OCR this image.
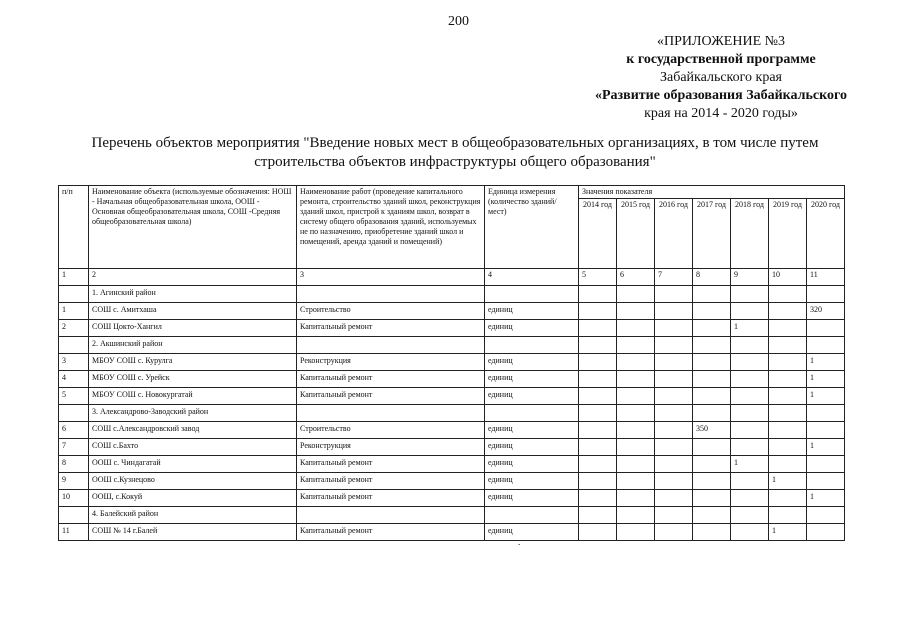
200
«ПРИЛОЖЕНИЕ №3
к государственной программе
Забайкальского края
«Развитие образования Забайкальского
края на 2014 - 2020 годы»
Перечень объектов мероприятия "Введение новых мест в общеобразовательных организациях, в том числе путем
строительства объектов инфраструктуры общего образования"
п/п	Наименование объекта (используемые обозначения: НОШ - Начальная общеобразовательная школа, ООШ - Основная общеобразовательная школа, СОШ -Средняя общеобразовательная школа)	Наименование работ (проведение капитального ремонта, строительство зданий школ, реконструкция зданий школ, пристрой к зданиям школ, возврат в систему общего образования зданий, используемых не по назначению, приобретение зданий школ и помещений, аренда зданий и помещений)	Единица измерения (количество зданий/мест)	Значения показателя						
				2014 год	2015 год	2016 год	2017 год	2018 год	2019 год	2020 год
1	2	3	4	5	6	7	8	9	10	11
	1. Агинский район									
1	СОШ с. Амитхаша	Строительство	единиц							320
2	СОШ Цокто-Хангил	Капитальный ремонт	единиц					1		
	2. Акшинский район									
3	МБОУ СОШ с. Курулга	Реконструкция	единиц							1
4	МБОУ СОШ с. Урейск	Капитальный ремонт	единиц							1
5	МБОУ СОШ с. Новокургатай	Капитальный ремонт	единиц							1
	3. Александрово-Заводский район									
6	СОШ с.Александровский завод	Строительство	единиц				350			
7	СОШ с.Бахто	Реконструкция	единиц							1
8	ООШ с. Чиндагатай	Капитальный ремонт	единиц					1		
9	ООШ с.Кузнецово	Капитальный ремонт	единиц						1	
10	ООШ, с.Кокуй	Капитальный ремонт	единиц							1
	4. Балейский район									
11	СОШ № 14 г.Балей	Капитальный ремонт	единиц						1	
.
